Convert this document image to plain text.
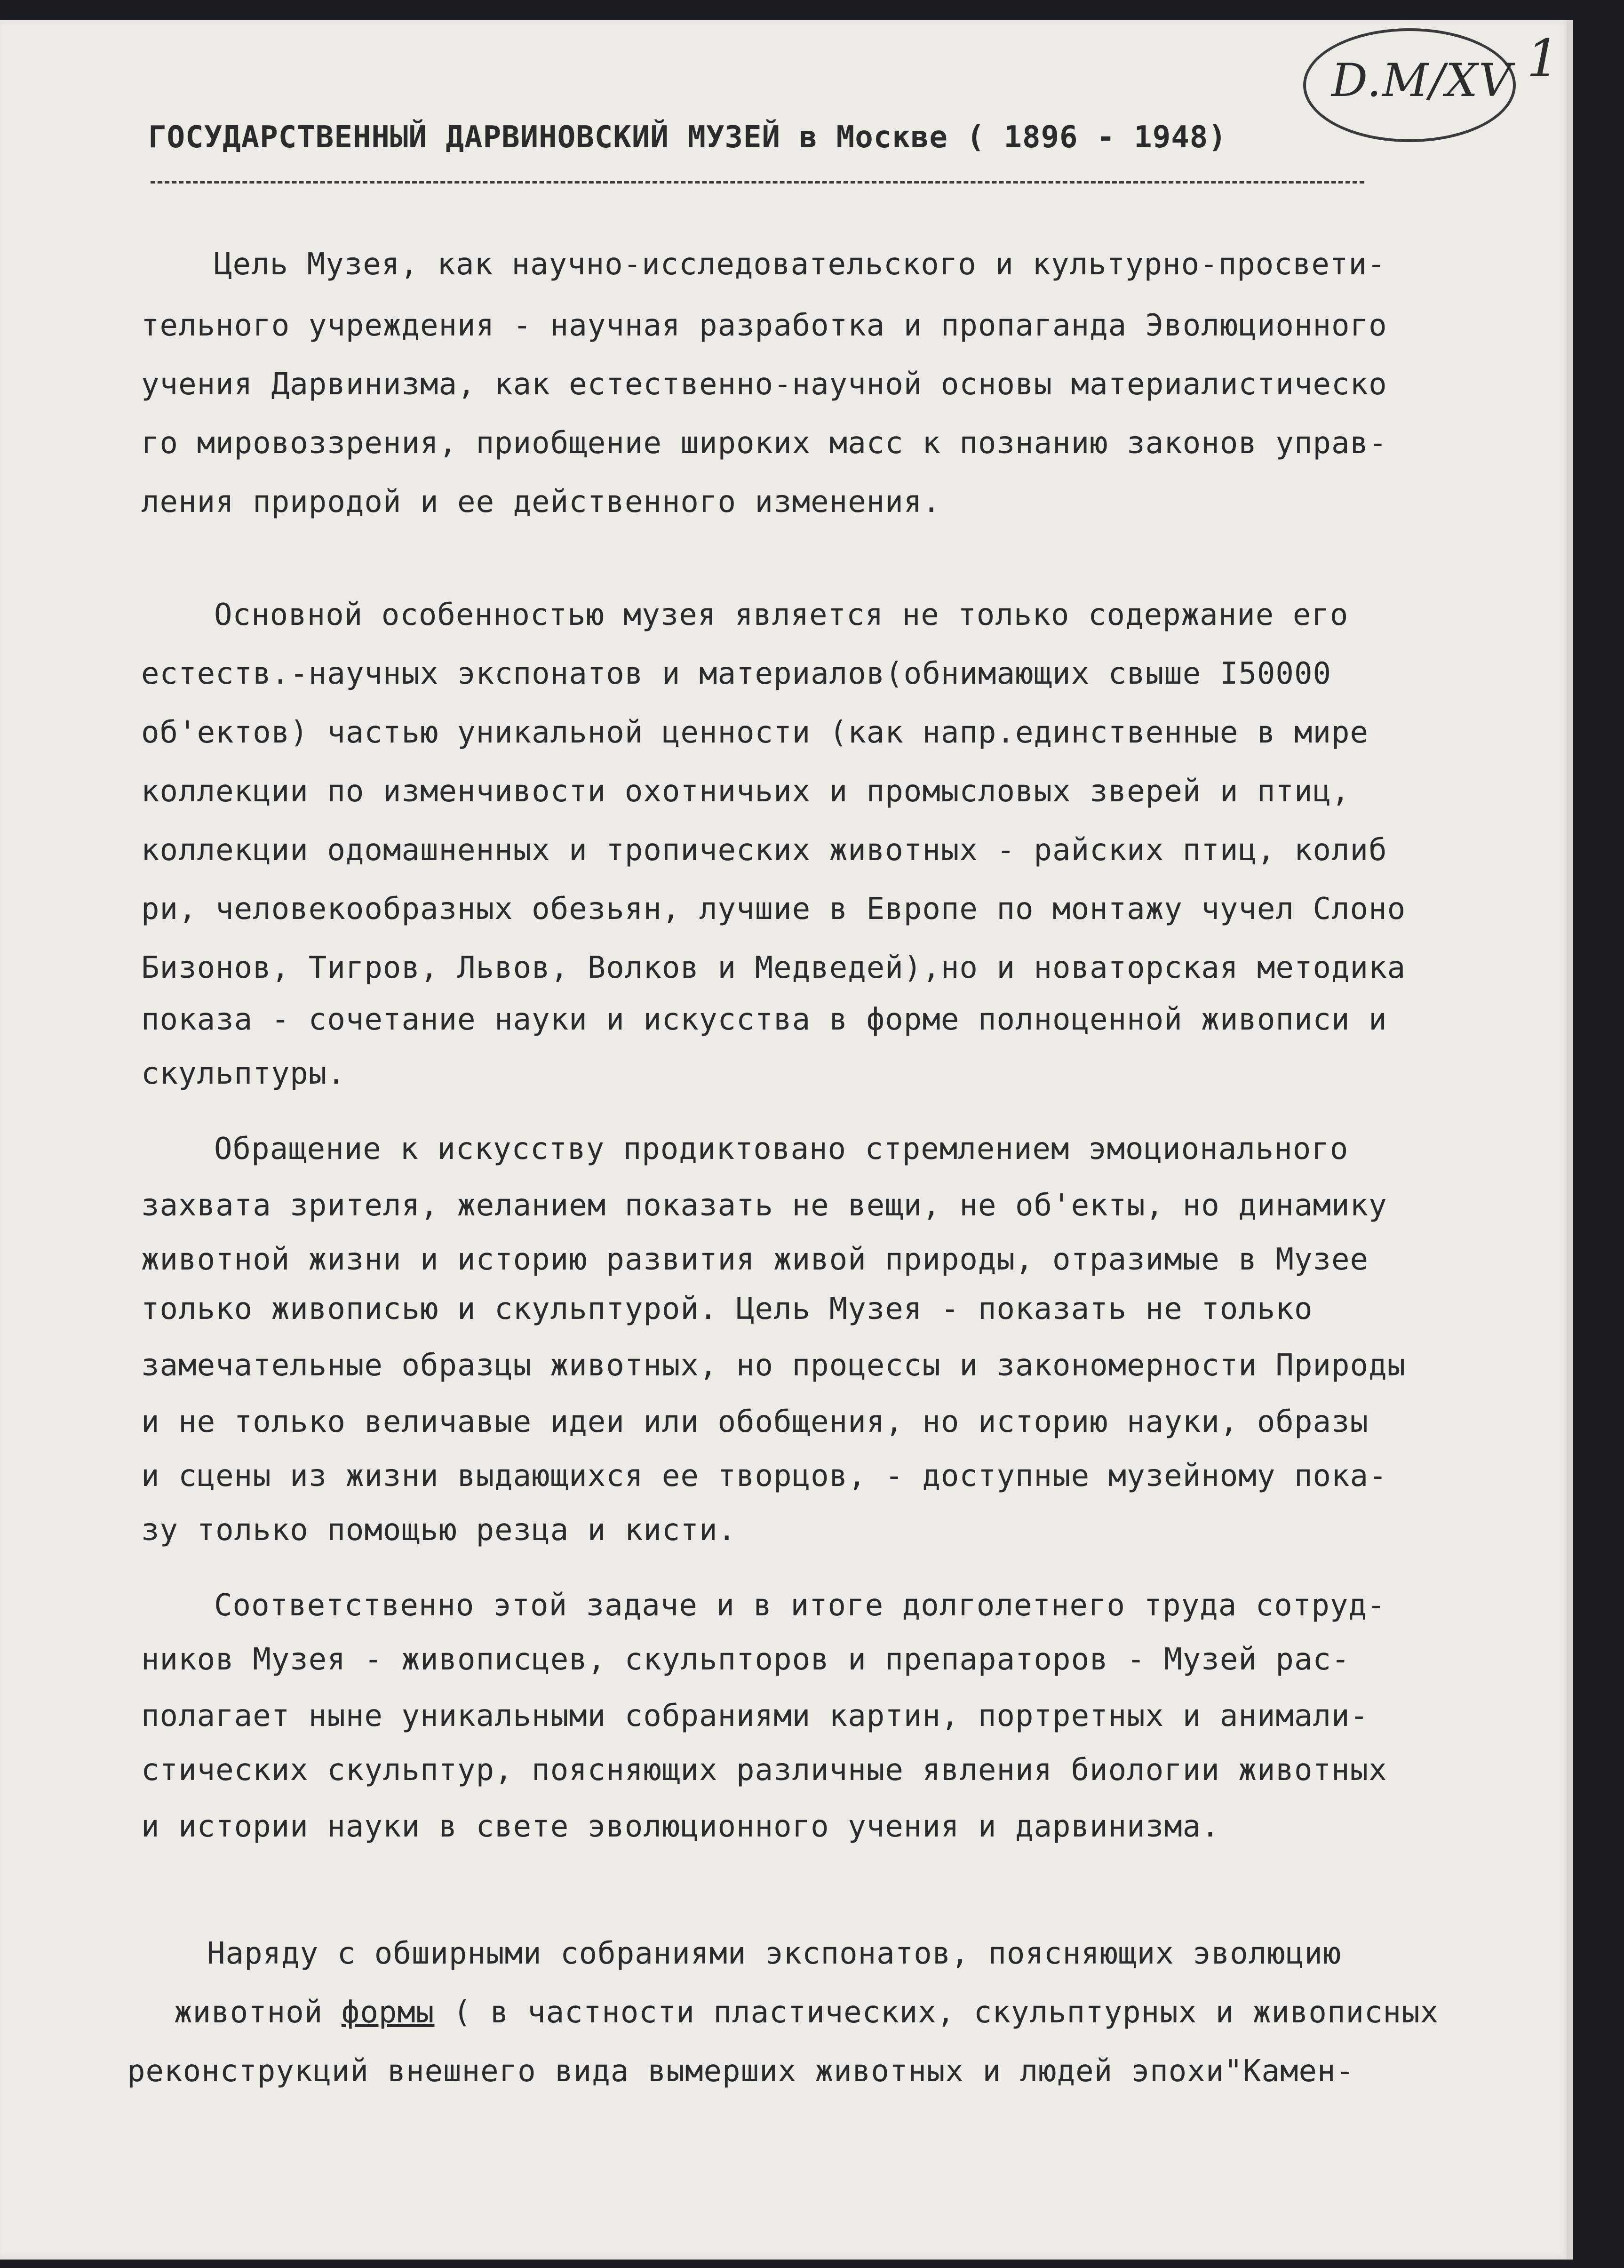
D.M/XV 1
ГОСУДАРСТВЕННЫЙ ДАРВИНОВСКИЙ МУЗЕЙ в Москве ( 1896 - 1948)
Цель Музея, как научно-исследовательского и культурно-просвети-
тельного учреждения - научная разработка и пропаганда Эволюционного
учения Дарвинизма, как естественно-научной основы материалистическо
го мировоззрения, приобщение широких масс к познанию законов управ-
ления природой и ее действенного изменения.
Основной особенностью музея является не только содержание его
естеств.-научных экспонатов и материалов(обнимающих свыше I50000
об'ектов) частью уникальной ценности (как напр.единственные в мире
коллекции по изменчивости охотничьих и промысловых зверей и птиц,
коллекции одомашненных и тропических животных - райских птиц, колиб
ри, человекообразных обезьян, лучшие в Европе по монтажу чучел Слоно
Бизонов, Тигров, Львов, Волков и Медведей),но и новаторская методика
показа - сочетание науки и искусства в форме полноценной живописи и
скульптуры.
Обращение к искусству продиктовано стремлением эмоционального
захвата зрителя, желанием показать не вещи, не об'екты, но динамику
животной жизни и историю развития живой природы, отразимые в Музее
только живописью и скульптурой. Цель Музея - показать не только
замечательные образцы животных, но процессы и закономерности Природы
и не только величавые идеи или обобщения, но историю науки, образы
и сцены из жизни выдающихся ее творцов, - доступные музейному пока-
зу только помощью резца и кисти.
Соответственно этой задаче и в итоге долголетнего труда сотруд-
ников Музея - живописцев, скульпторов и препараторов - Музей рас-
полагает ныне уникальными собраниями картин, портретных и анимали-
стических скульптур, поясняющих различные явления биологии животных
и истории науки в свете эволюционного учения и дарвинизма.
Наряду с обширными собраниями экспонатов, поясняющих эволюцию
животной формы ( в частности пластических, скульптурных и живописных
реконструкций внешнего вида вымерших животных и людей эпохи"Камен-
